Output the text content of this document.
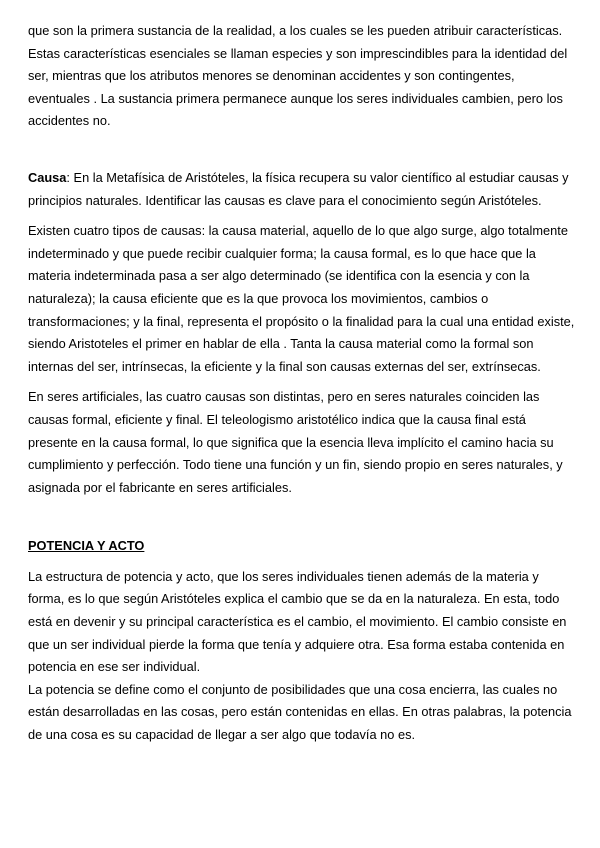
que son la primera sustancia de la realidad, a los cuales se les pueden atribuir características. Estas características esenciales se llaman especies y son imprescindibles para la identidad del ser, mientras que los atributos menores se denominan accidentes y son contingentes, eventuales . La sustancia primera permanece aunque los seres individuales cambien, pero los accidentes no.

Causa: En la Metafísica de Aristóteles, la física recupera su valor científico al estudiar causas y principios naturales. Identificar las causas es clave para el conocimiento según Aristóteles.

Existen cuatro tipos de causas: la causa material, aquello de lo que algo surge, algo totalmente indeterminado y que puede recibir cualquier forma; la causa formal, es lo que hace que la materia indeterminada pasa a ser algo determinado (se identifica con la esencia y con la naturaleza); la causa eficiente que es la que provoca los movimientos, cambios o transformaciones; y la final, representa el propósito o la finalidad para la cual una entidad existe, siendo Aristoteles el primer en hablar de ella . Tanta la causa material como la formal son internas del ser, intrínsecas, la eficiente y la final son causas externas del ser, extrínsecas.

En seres artificiales, las cuatro causas son distintas, pero en seres naturales coinciden las causas formal, eficiente y final. El teleologismo aristotélico indica que la causa final está presente en la causa formal, lo que significa que la esencia lleva implícito el camino hacia su cumplimiento y perfección. Todo tiene una función y un fin, siendo propio en seres naturales, y asignada por el fabricante en seres artificiales.

POTENCIA Y ACTO

La estructura de potencia y acto, que los seres individuales tienen además de la materia y forma, es lo que según Aristóteles explica el cambio que se da en la naturaleza. En esta, todo está en devenir y su principal característica es el cambio, el movimiento. El cambio consiste en que un ser individual pierde la forma que tenía y adquiere otra. Esa forma estaba contenida en potencia en ese ser individual.

La potencia se define como el conjunto de posibilidades que una cosa encierra, las cuales no están desarrolladas en las cosas, pero están contenidas en ellas. En otras palabras, la potencia de una cosa es su capacidad de llegar a ser algo que todavía no es.
